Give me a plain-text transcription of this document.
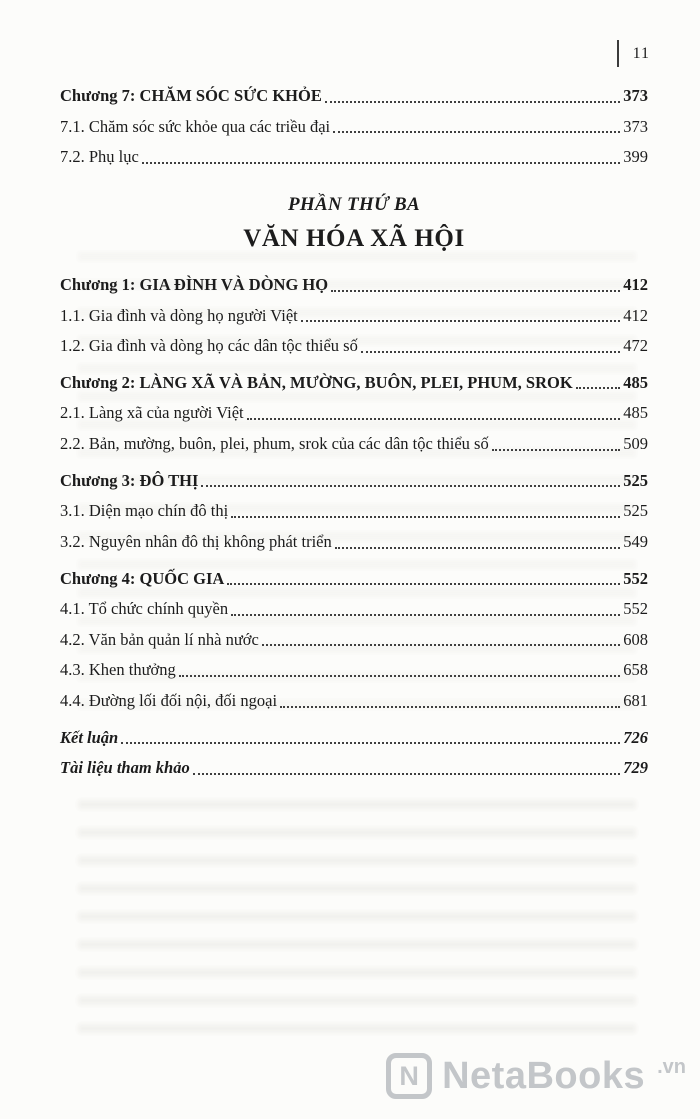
11
Chương 7: CHĂM SÓC SỨC KHỎE	373
7.1. Chăm sóc sức khỏe qua các triều đại	373
7.2. Phụ lục	399
PHẦN THỨ BA
VĂN HÓA XÃ HỘI
Chương 1: GIA ĐÌNH VÀ DÒNG HỌ	412
1.1. Gia đình và dòng họ người Việt	412
1.2. Gia đình và dòng họ các dân tộc thiểu số	472
Chương 2: LÀNG XÃ VÀ BẢN, MƯỜNG, BUÔN, PLEI, PHUM, SROK	485
2.1. Làng xã của người Việt	485
2.2. Bản, mường, buôn, plei, phum, srok của các dân tộc thiểu số	509
Chương 3: ĐÔ THỊ	525
3.1. Diện mạo chín đô thị	525
3.2. Nguyên nhân đô thị không phát triển	549
Chương 4: QUỐC GIA	552
4.1. Tổ chức chính quyền	552
4.2. Văn bản quản lí nhà nước	608
4.3. Khen thưởng	658
4.4. Đường lối đối nội, đối ngoại	681
Kết luận	726
Tài liệu tham khảo	729
N NetaBooks .vn
